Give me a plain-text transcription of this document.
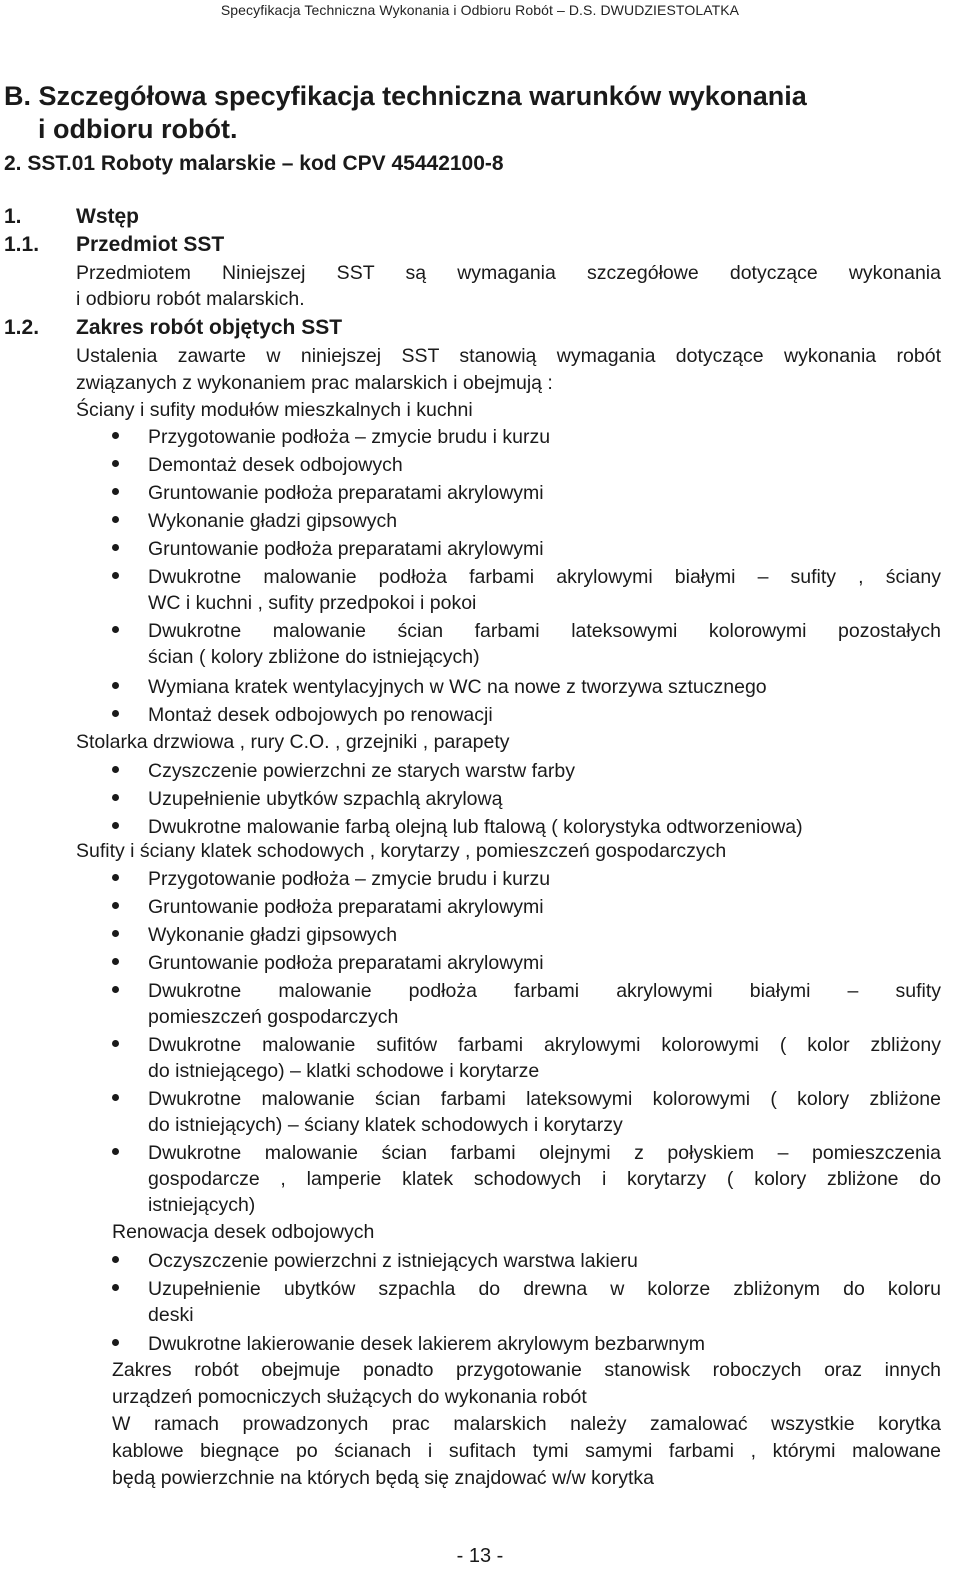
Specyfikacja Techniczna Wykonania i Odbioru Robót – D.S. DWUDZIESTOLATKA
B. Szczegółowa specyfikacja techniczna warunków wykonania
i odbioru robót.
2. SST.01 Roboty malarskie – kod CPV 45442100-8
1.	Wstęp
1.1. Przedmiot SST
Przedmiotem Niniejszej SST są wymagania szczegółowe dotyczące wykonania
i odbioru robót malarskich.
1.2. Zakres robót objętych SST
Ustalenia zawarte w niniejszej SST stanowią wymagania dotyczące wykonania robót
związanych z wykonaniem prac malarskich i obejmują :
Ściany i sufity modułów mieszkalnych i kuchni
Przygotowanie podłoża – zmycie brudu i kurzu
Demontaż desek odbojowych
Gruntowanie podłoża preparatami akrylowymi
Wykonanie gładzi gipsowych
Gruntowanie podłoża preparatami akrylowymi
Dwukrotne malowanie podłoża farbami akrylowymi białymi – sufity , ściany
WC i kuchni , sufity przedpokoi i pokoi
Dwukrotne malowanie ścian farbami lateksowymi kolorowymi pozostałych
ścian ( kolory zbliżone do istniejących)
Wymiana kratek wentylacyjnych w WC na nowe z tworzywa sztucznego
Montaż desek odbojowych po renowacji
Stolarka drzwiowa , rury C.O. , grzejniki , parapety
Czyszczenie powierzchni ze starych warstw farby
Uzupełnienie ubytków szpachlą akrylową
Dwukrotne malowanie farbą olejną lub ftalową ( kolorystyka odtworzeniowa)
Sufity i ściany klatek schodowych , korytarzy , pomieszczeń gospodarczych
Przygotowanie podłoża – zmycie brudu i kurzu
Gruntowanie podłoża preparatami akrylowymi
Wykonanie gładzi gipsowych
Gruntowanie podłoża preparatami akrylowymi
Dwukrotne malowanie podłoża farbami akrylowymi białymi – sufity
pomieszczeń gospodarczych
Dwukrotne malowanie sufitów farbami akrylowymi kolorowymi ( kolor zbliżony
do istniejącego) – klatki schodowe i korytarze
Dwukrotne malowanie ścian farbami lateksowymi kolorowymi ( kolory zbliżone
do istniejących) – ściany klatek schodowych i korytarzy
Dwukrotne malowanie ścian farbami olejnymi z połyskiem – pomieszczenia
gospodarcze , lamperie klatek schodowych i korytarzy ( kolory zbliżone do
istniejących)
Renowacja desek odbojowych
Oczyszczenie powierzchni z istniejących warstwa lakieru
Uzupełnienie ubytków szpachla do drewna w kolorze zbliżonym do koloru
deski
Dwukrotne lakierowanie desek lakierem akrylowym bezbarwnym
Zakres robót obejmuje ponadto przygotowanie stanowisk roboczych oraz innych
urządzeń pomocniczych służących do wykonania robót
W ramach prowadzonych prac malarskich należy zamalować wszystkie korytka
kablowe biegnące po ścianach i sufitach tymi samymi farbami , którymi malowane
będą powierzchnie na których będą się znajdować w/w korytka
- 13 -
